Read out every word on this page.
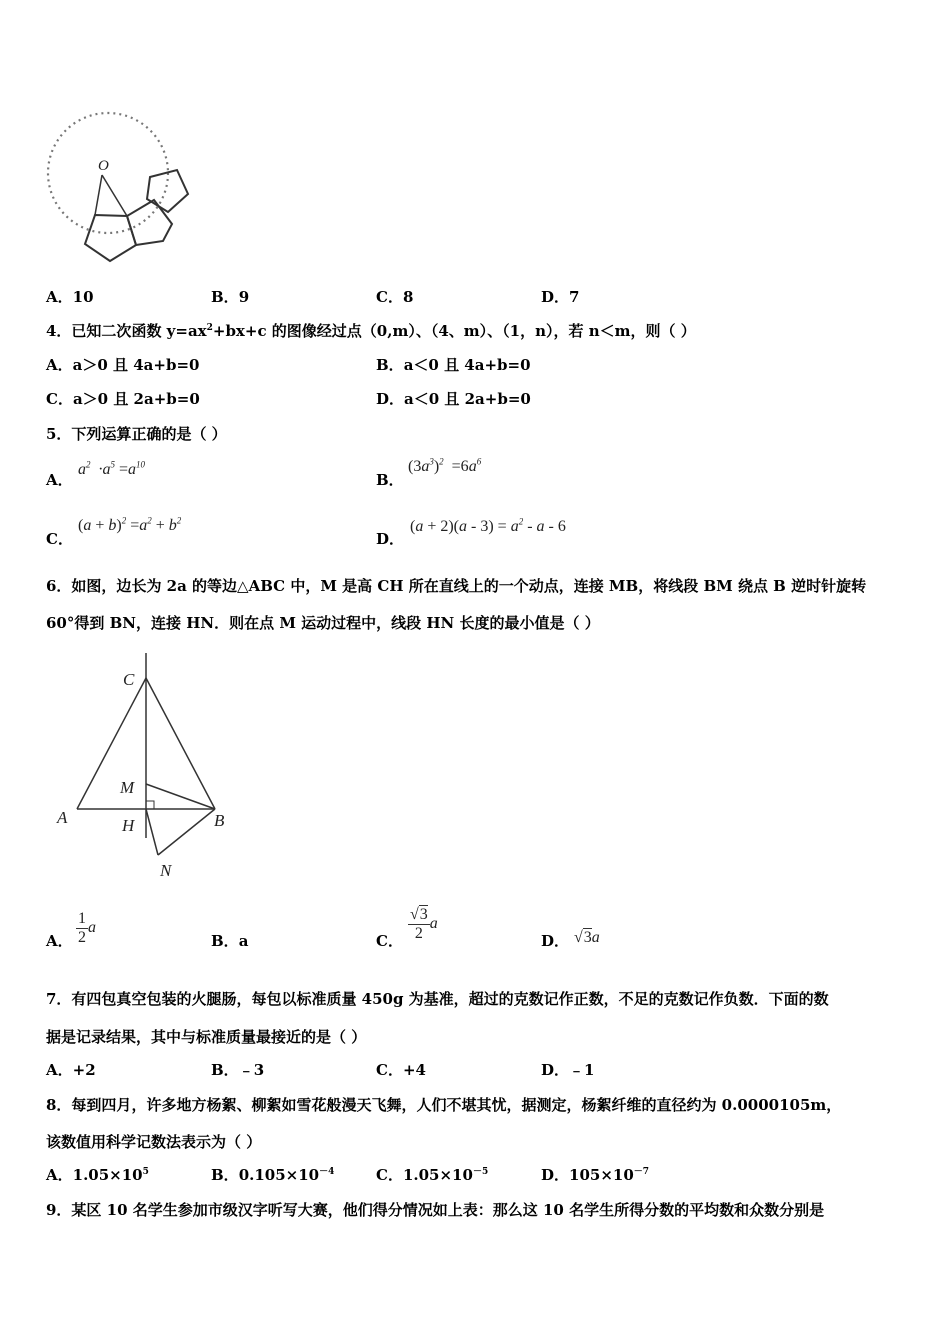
O
A．10	B．9	C．8	D．7
4．已知二次函数 $y=ax^2+bx+c$ 的图像经过点（0,m）、（4、m）、（1，n），若 n＜m，则（ ）
A．a＞0 且 4a+b=0	B．a＜0 且 4a+b=0
C．a＞0 且 2a+b=0	D．a＜0 且 2a+b=0
5．下列运算正确的是（ ）
A．
$a^2 \cdot a^5 =a^{10}$
B．
$(3a^3)^2 =6a^6$
C．
$(a + b)^2 =a^2 + b^2$
D．
$(a + 2)(a - 3) = a^2 - a - 6$
6．如图，边长为 2a 的等边△ABC 中，M 是高 CH 所在直线上的一个动点，连接 MB，将线段 BM 绕点 B 逆时针旋转
60°得到 BN，连接 HN．则在点 M 运动过程中，线段 HN 长度的最小值是（ ）
C
M
A	H	B
N
A． $\frac{1}{2}$ a
B．a	C． $\frac{√3}{2}$ a
D． √3a
7．有四包真空包装的火腿肠，每包以标准质量 450g 为基准，超过的克数记作正数，不足的克数记作负数．下面的数
据是记录结果，其中与标准质量最接近的是（ ）
A．+2	B．﹣3	C．+4	D．﹣1
8．每到四月，许多地方杨絮、柳絮如雪花般漫天飞舞，人们不堪其忧，据测定，杨絮纤维的直径约为 0.0000105m，
该数值用科学记数法表示为（ ）
A．$1.05\times 10^5$	B．$0.105\times 10^{-4}$	C．$1.05\times 10^{-5}$	D．$105\times 10^{-7}$
9．某区 10 名学生参加市级汉字听写大赛，他们得分情况如上表：那么这 10 名学生所得分数的平均数和众数分别是
